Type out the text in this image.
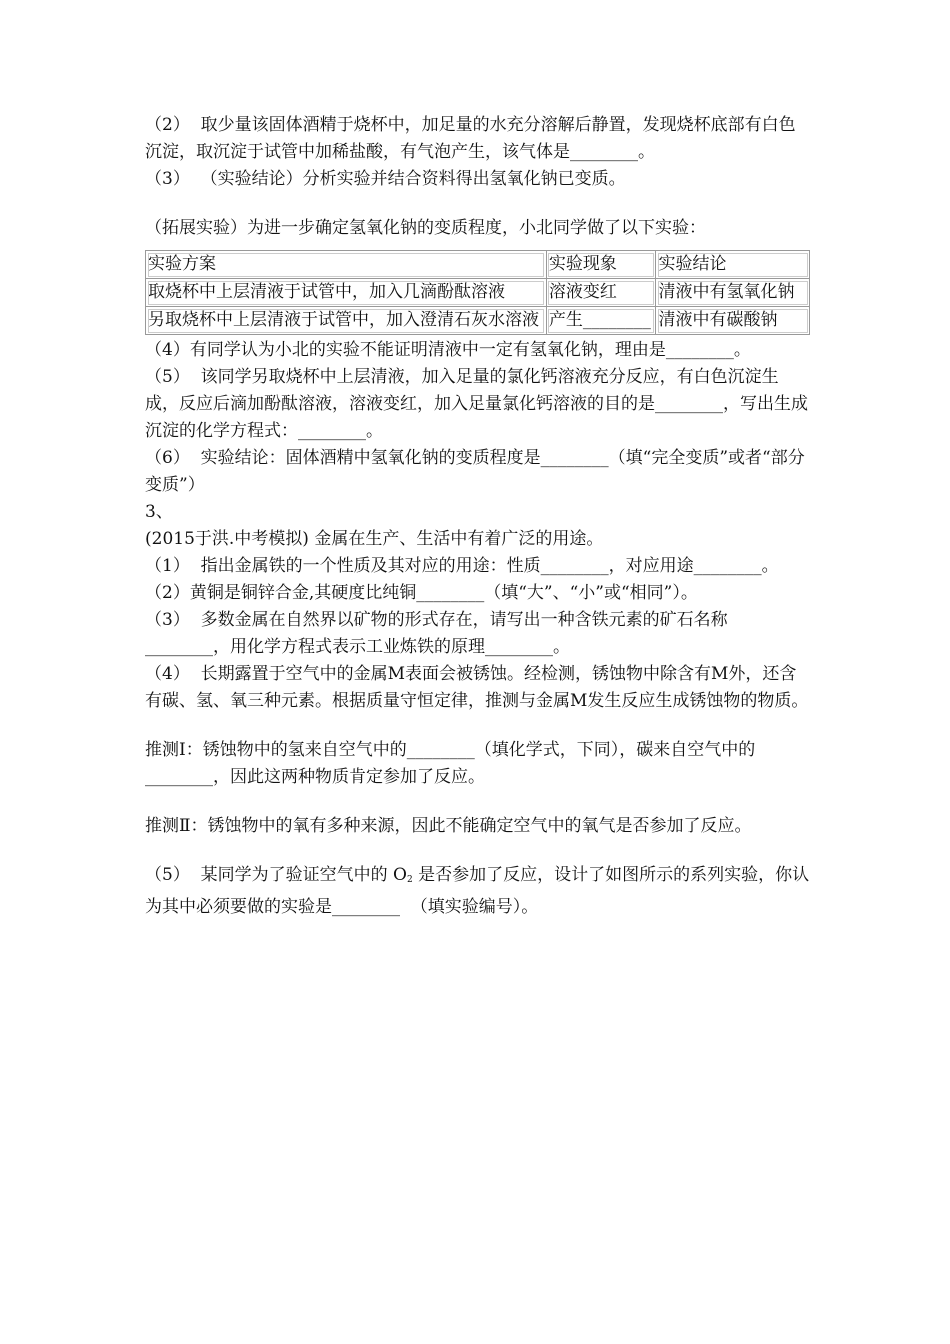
（2）  取少量该固体酒精于烧杯中，加足量的水充分溶解后静置，发现烧杯底部有白色沉淀，取沉淀于试管中加稀盐酸，有气泡产生，该气体是________。
（3）  （实验结论）分析实验并结合资料得出氢氧化钠已变质。
（拓展实验）为进一步确定氢氧化钠的变质程度，小北同学做了以下实验：
实验方案	实验现象	实验结论
取烧杯中上层清液于试管中，加入几滴酚酞溶液	溶液变红	清液中有氢氧化钠
另取烧杯中上层清液于试管中，加入澄清石灰水溶液	产生________	清液中有碳酸钠
（4）有同学认为小北的实验不能证明清液中一定有氢氧化钠，理由是________。
（5）  该同学另取烧杯中上层清液，加入足量的氯化钙溶液充分反应，有白色沉淀生成，反应后滴加酚酞溶液，溶液变红，加入足量氯化钙溶液的目的是________，写出生成沉淀的化学方程式：________。
（6）  实验结论：固体酒精中氢氧化钠的变质程度是________（填“完全变质”或者“部分变质”）
3、
(2015于洪.中考模拟) 金属在生产、生活中有着广泛的用途。
（1）  指出金属铁的一个性质及其对应的用途：性质________，对应用途________。
（2）黄铜是铜锌合金,其硬度比纯铜________（填“大”、“小”或“相同”）。
（3）  多数金属在自然界以矿物的形式存在，请写出一种含铁元素的矿石名称________，用化学方程式表示工业炼铁的原理________。
（4）  长期露置于空气中的金属M表面会被锈蚀。经检测，锈蚀物中除含有M外，还含有碳、氢、氧三种元素。根据质量守恒定律，推测与金属M发生反应生成锈蚀物的物质。
推测Ⅰ：锈蚀物中的氢来自空气中的________（填化学式，下同），碳来自空气中的________，因此这两种物质肯定参加了反应。
推测Ⅱ：锈蚀物中的氧有多种来源，因此不能确定空气中的氧气是否参加了反应。
（5）  某同学为了验证空气中的 $O_2$ 是否参加了反应，设计了如图所示的系列实验，你认为其中必须要做的实验是________  （填实验编号）。
